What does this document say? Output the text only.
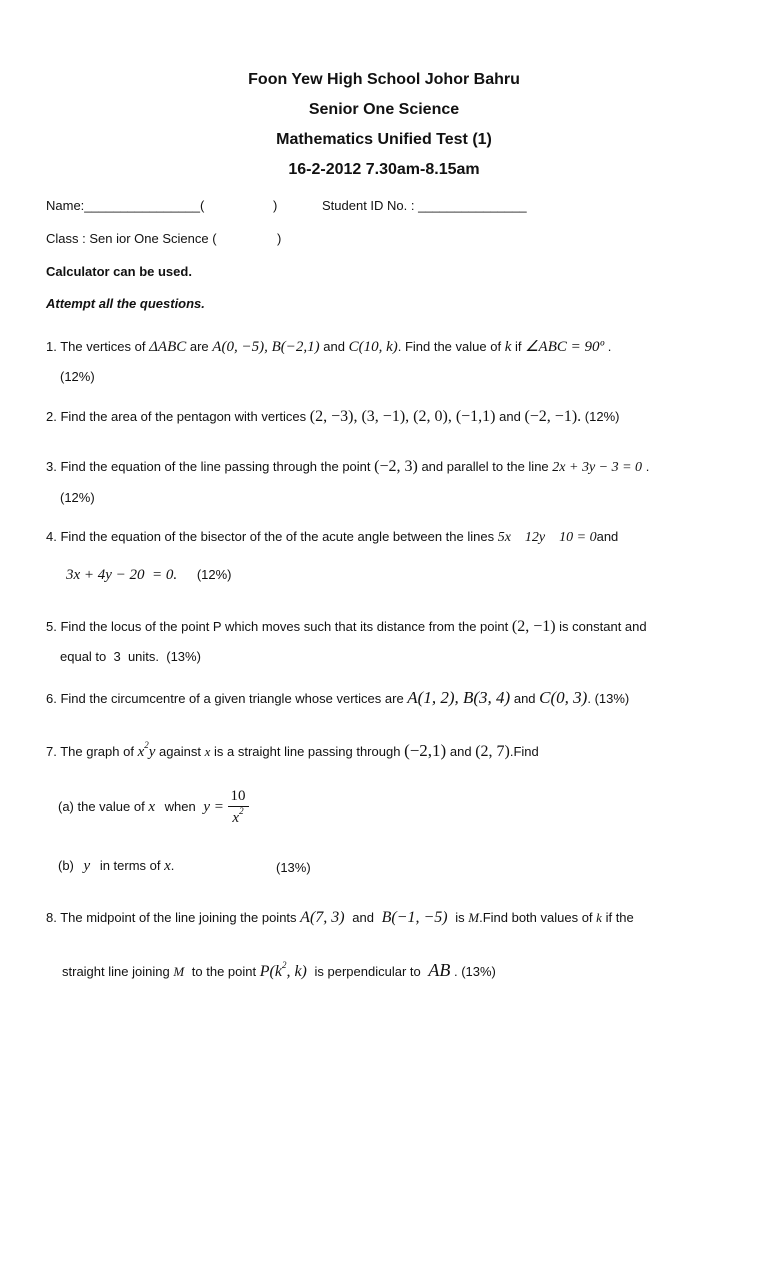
Foon Yew High School Johor Bahru
Senior One Science
Mathematics Unified Test (1)
16-2-2012 7.30am-8.15am
Name:________________(	)	Student ID No. : _______________
Class : Sen ior One Science (	)
Calculator can be used.
Attempt all the questions.
1. The vertices of ΔABC are A(0, −5), B(−2,1) and C(10, k). Find the value of k if ∠ABC = 90º .
(12%)
2. Find the area of the pentagon with vertices (2, −3), (3, −1), (2, 0), (−1,1) and (−2, −1). (12%)
3. Find the equation of the line passing through the point (−2, 3) and parallel to the line 2x + 3y − 3 = 0 .
(12%)
4. Find the equation of the bisector of the of the acute angle between the lines 5x    12y    10 = 0and
3x + 4y − 20  = 0. (12%)
5. Find the locus of the point P which moves such that its distance from the point (2, −1) is constant and
equal to  3  units.  (13%)
6. Find the circumcentre of a given triangle whose vertices are A(1, 2), B(3, 4) and C(0, 3). (13%)
7. The graph of $x^2y$ against x is a straight line passing through (−2,1) and (2, 7).Find
(a) the value of x when $y = \frac{10}{x^2}$
(b) y in terms of x.	(13%)
8. The midpoint of the line joining the points A(7, 3) and B(−1, −5) is M.Find both values of k if the
straight line joining M to the point $P(k^2$, k) is perpendicular to AB . (13%)
